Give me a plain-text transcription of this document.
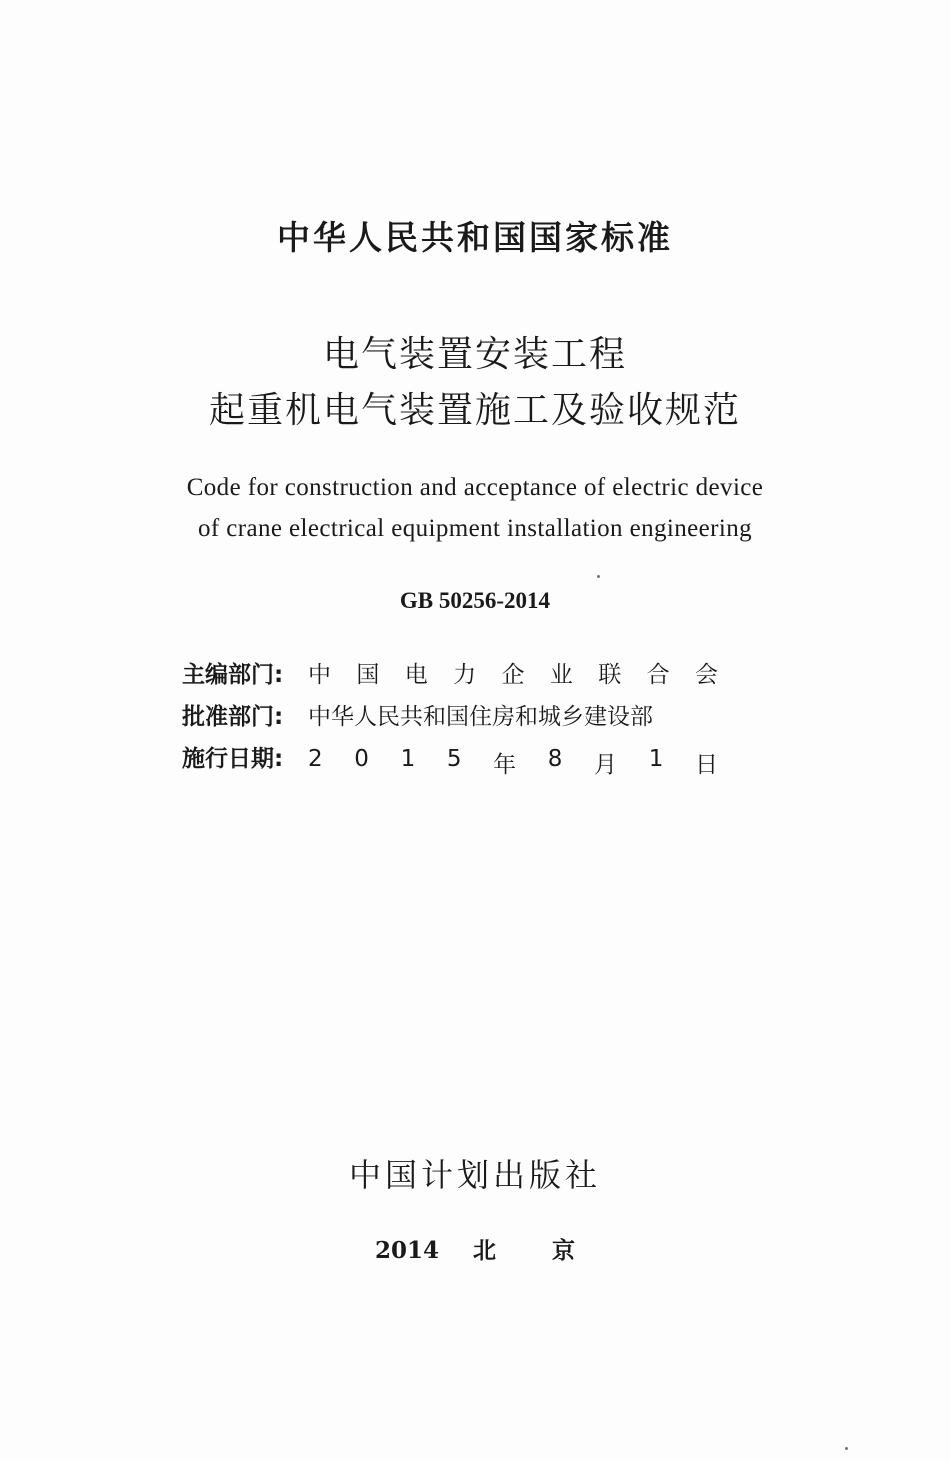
中华人民共和国国家标准
电气装置安装工程
起重机电气装置施工及验收规范
Code for construction and acceptance of electric device
of crane electrical equipment installation engineering
GB 50256-2014
主编部门:	中 国 电 力 企 业 联 合 会
批准部门:	中华人民共和国住房和城乡建设部
施行日期:	2 0 1 5 年 8 月 1 日
中国计划出版社
2014 北京
